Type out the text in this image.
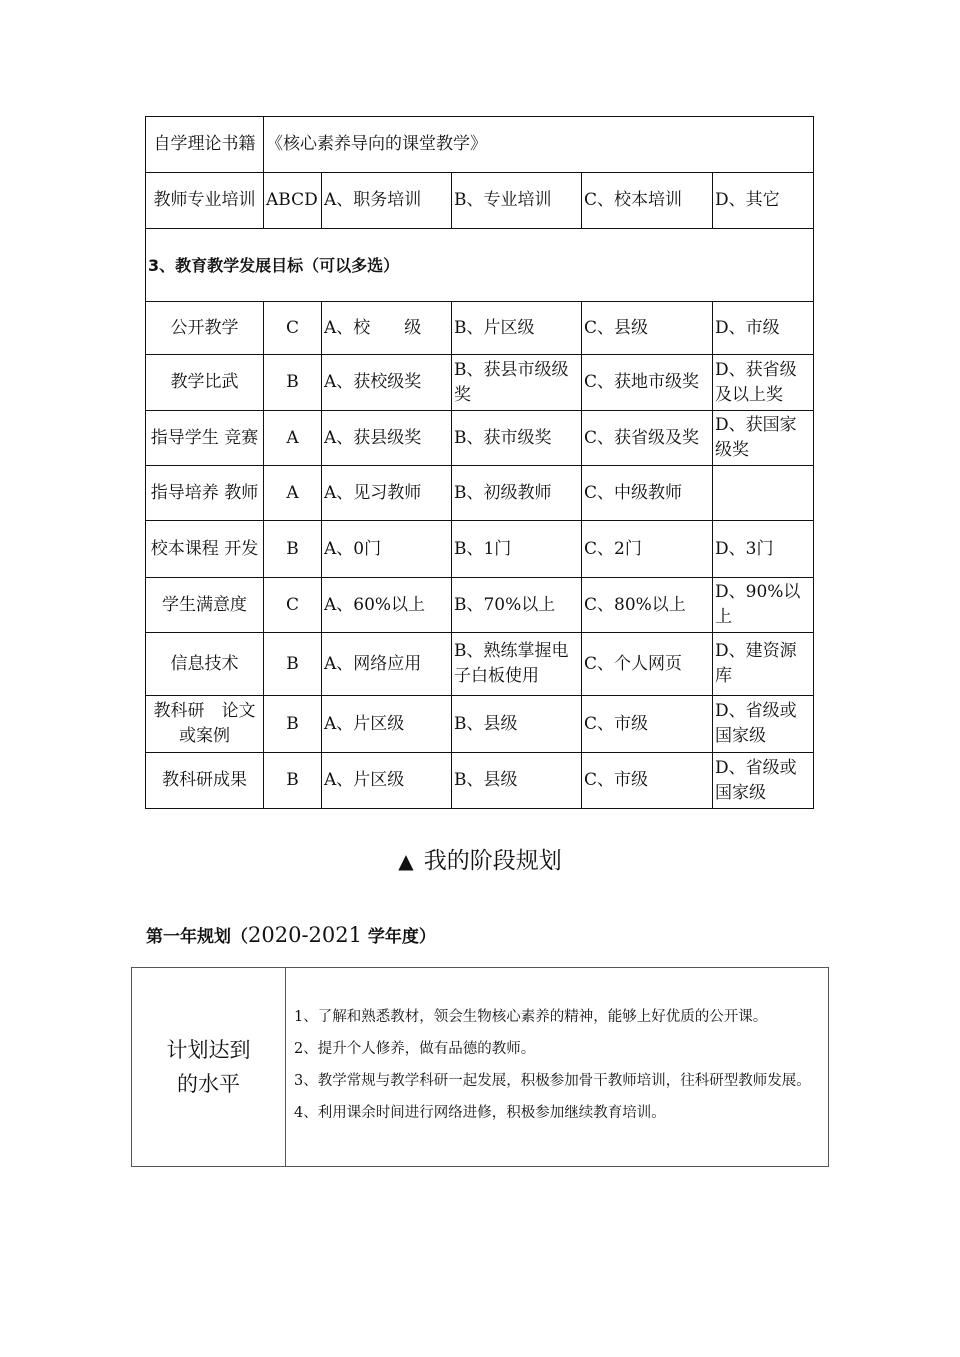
自学理论书籍	《核心素养导向的课堂教学》				
教师专业培训	ABCD	A、职务培训	B、专业培训	C、校本培训	D、其它
3、教育教学发展目标（可以多选）					
公开教学	C	A、校　　级	B、片区级	C、县级	D、市级
教学比武	B	A、获校级奖	B、获县市级级奖	C、获地市级奖	D、获省级及以上奖
指导学生 竞赛	A	A、获县级奖	B、获市级奖	C、获省级及奖	D、获国家级奖
指导培养 教师	A	A、见习教师	B、初级教师	C、中级教师	
校本课程 开发	B	A、0门	B、1门	C、2门	D、3门
学生满意度	C	A、60%以上	B、70%以上	C、80%以上	D、90%以上
信息技术	B	A、网络应用	B、熟练掌握电子白板使用	C、个人网页	D、建资源库
教科研　论文或案例	B	A、片区级	B、县级	C、市级	D、省级或国家级
教科研成果	B	A、片区级	B、县级	C、市级	D、省级或国家级
▲ 我的阶段规划
第一年规划（2020-2021 学年度）
计划达到
的水平

1、了解和熟悉教材，领会生物核心素养的精神，能够上好优质的公开课。

2、提升个人修养，做有品德的教师。

3、教学常规与教学科研一起发展，积极参加骨干教师培训，往科研型教师发展。

4、利用课余时间进行网络进修，积极参加继续教育培训。
